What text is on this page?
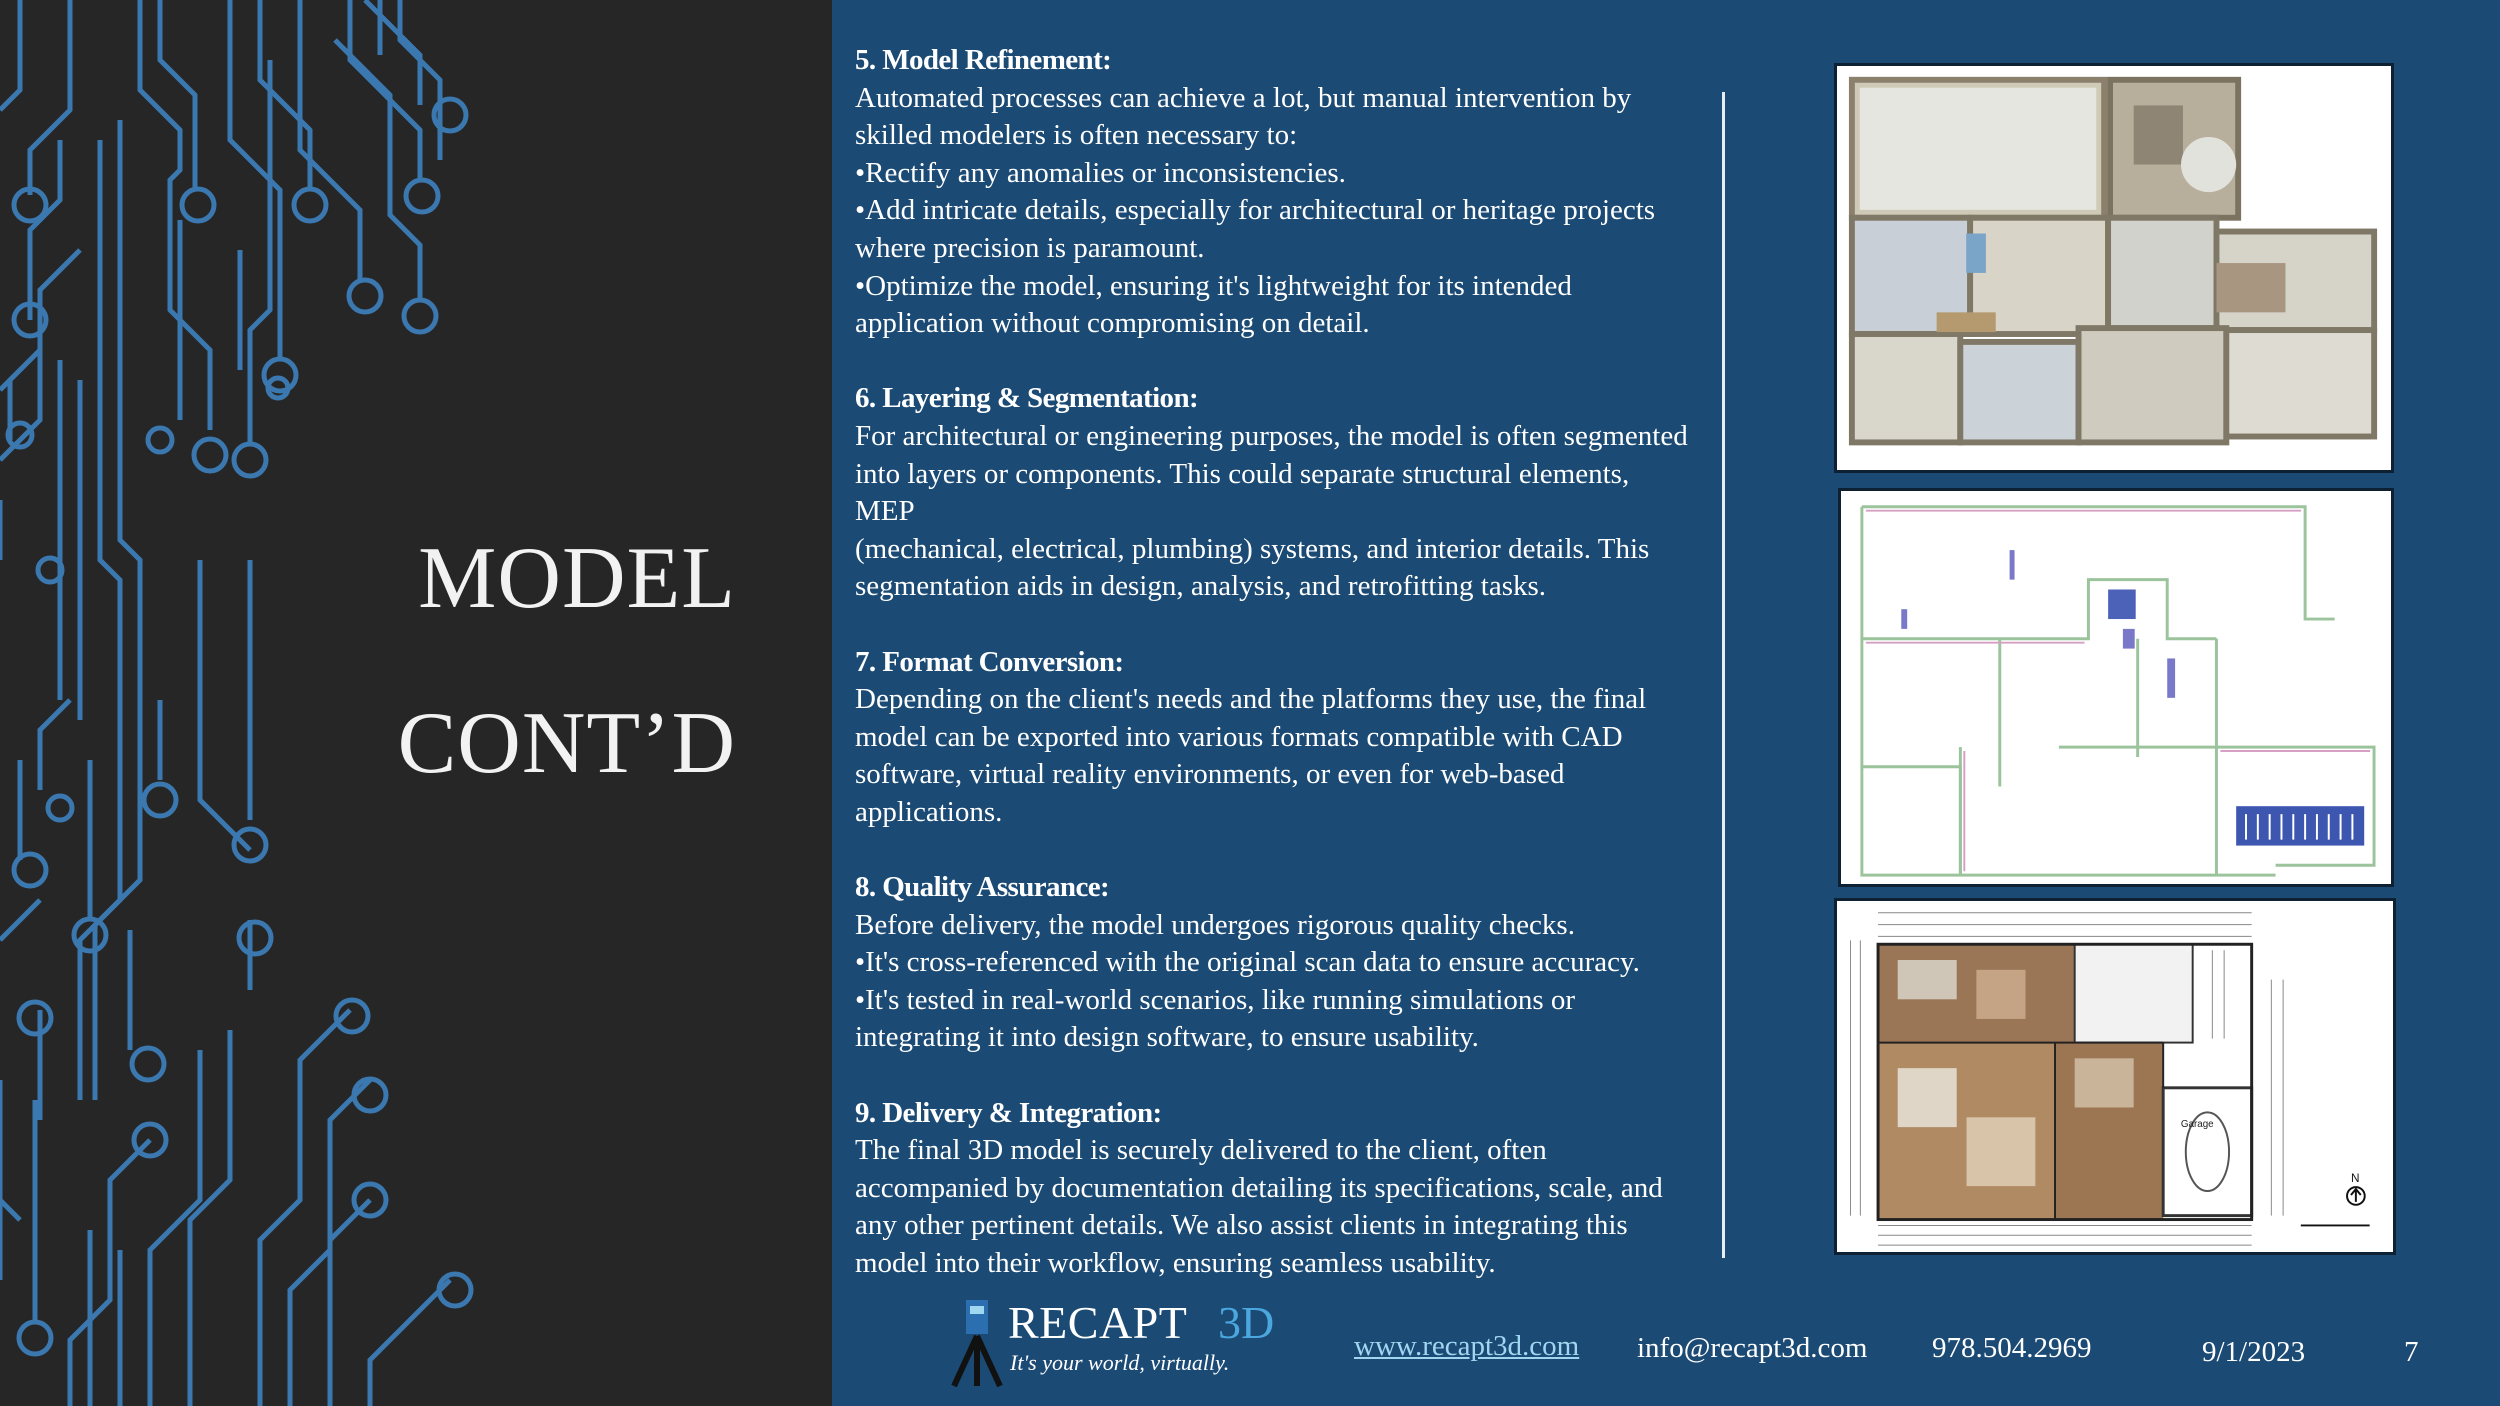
MODEL
CONT’D
5. Model Refinement:

Automated processes can achieve a lot, but manual intervention by

skilled modelers is often necessary to:

•Rectify any anomalies or inconsistencies.

•Add intricate details, especially for architectural or heritage projects

where precision is paramount.

•Optimize the model, ensuring it's lightweight for its intended

application without compromising on detail.

6. Layering & Segmentation:

For architectural or engineering purposes, the model is often segmented

into layers or components. This could separate structural elements, MEP

(mechanical, electrical, plumbing) systems, and interior details. This

segmentation aids in design, analysis, and retrofitting tasks.

7. Format Conversion:

Depending on the client's needs and the platforms they use, the final

model can be exported into various formats compatible with CAD

software, virtual reality environments, or even for web-based

applications.

8. Quality Assurance:

Before delivery, the model undergoes rigorous quality checks.

•It's cross-referenced with the original scan data to ensure accuracy.

•It's tested in real-world scenarios, like running simulations or

integrating it into design software, to ensure usability.

9. Delivery & Integration:

The final 3D model is securely delivered to the client, often

accompanied by documentation detailing its specifications, scale, and

any other pertinent details. We also assist clients in integrating this

model into their workflow, ensuring seamless usability.

Garage
N
RECAPT 3D
It's your world, virtually.
www.recapt3d.com info@recapt3d.com 978.504.2969	9/1/2023	7
